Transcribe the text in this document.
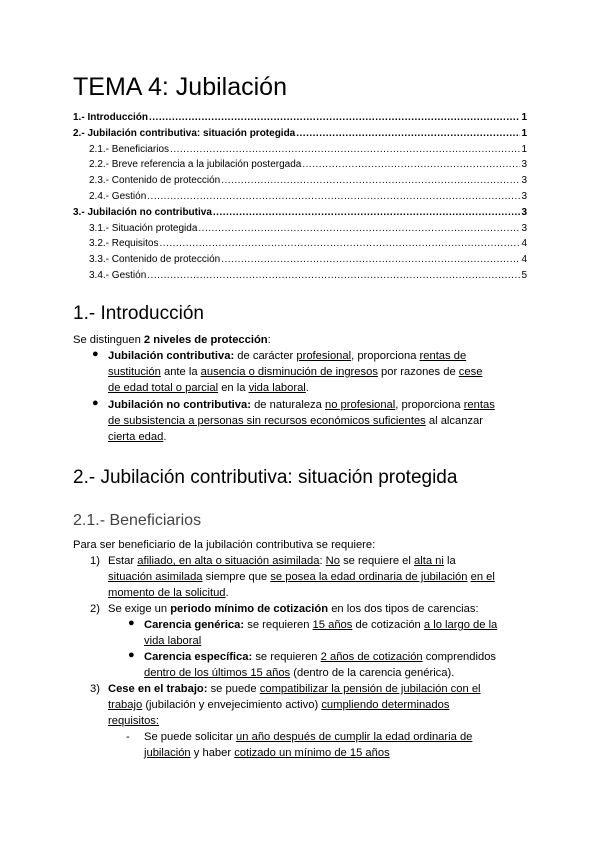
TEMA 4: Jubilación
1.- Introducción .....	1
2.- Jubilación contributiva: situación protegida .....	1
2.1.- Beneficiarios .....	1
2.2.- Breve referencia a la jubilación postergada .....	3
2.3.- Contenido de protección .....	3
2.4.- Gestión .....	3
3.- Jubilación no contributiva .....	3
3.1.- Situación protegida .....	3
3.2.- Requisitos .....	4
3.3.- Contenido de protección .....	4
3.4.- Gestión .....	5
1.- Introducción
Se distinguen 2 niveles de protección:
● Jubilación contributiva: de carácter profesional, proporciona rentas de
sustitución ante la ausencia o disminución de ingresos por razones de cese
de edad total o parcial en la vida laboral.
● Jubilación no contributiva: de naturaleza no profesional, proporciona rentas
de subsistencia a personas sin recursos económicos suficientes al alcanzar
cierta edad.
2.- Jubilación contributiva: situación protegida
2.1.- Beneficiarios
Para ser beneficiario de la jubilación contributiva se requiere:
1) Estar afiliado, en alta o situación asimilada: No se requiere el alta ni la
situación asimilada siempre que se posea la edad ordinaria de jubilación en el
momento de la solicitud.
2) Se exige un periodo mínimo de cotización en los dos tipos de carencias:
● Carencia genérica: se requieren 15 años de cotización a lo largo de la
vida laboral
● Carencia específica: se requieren 2 años de cotización comprendidos
dentro de los últimos 15 años (dentro de la carencia genérica).
3) Cese en el trabajo: se puede compatibilizar la pensión de jubilación con el
trabajo (jubilación y envejecimiento activo) cumpliendo determinados
requisitos:
- Se puede solicitar un año después de cumplir la edad ordinaria de
jubilación y haber cotizado un mínimo de 15 años
